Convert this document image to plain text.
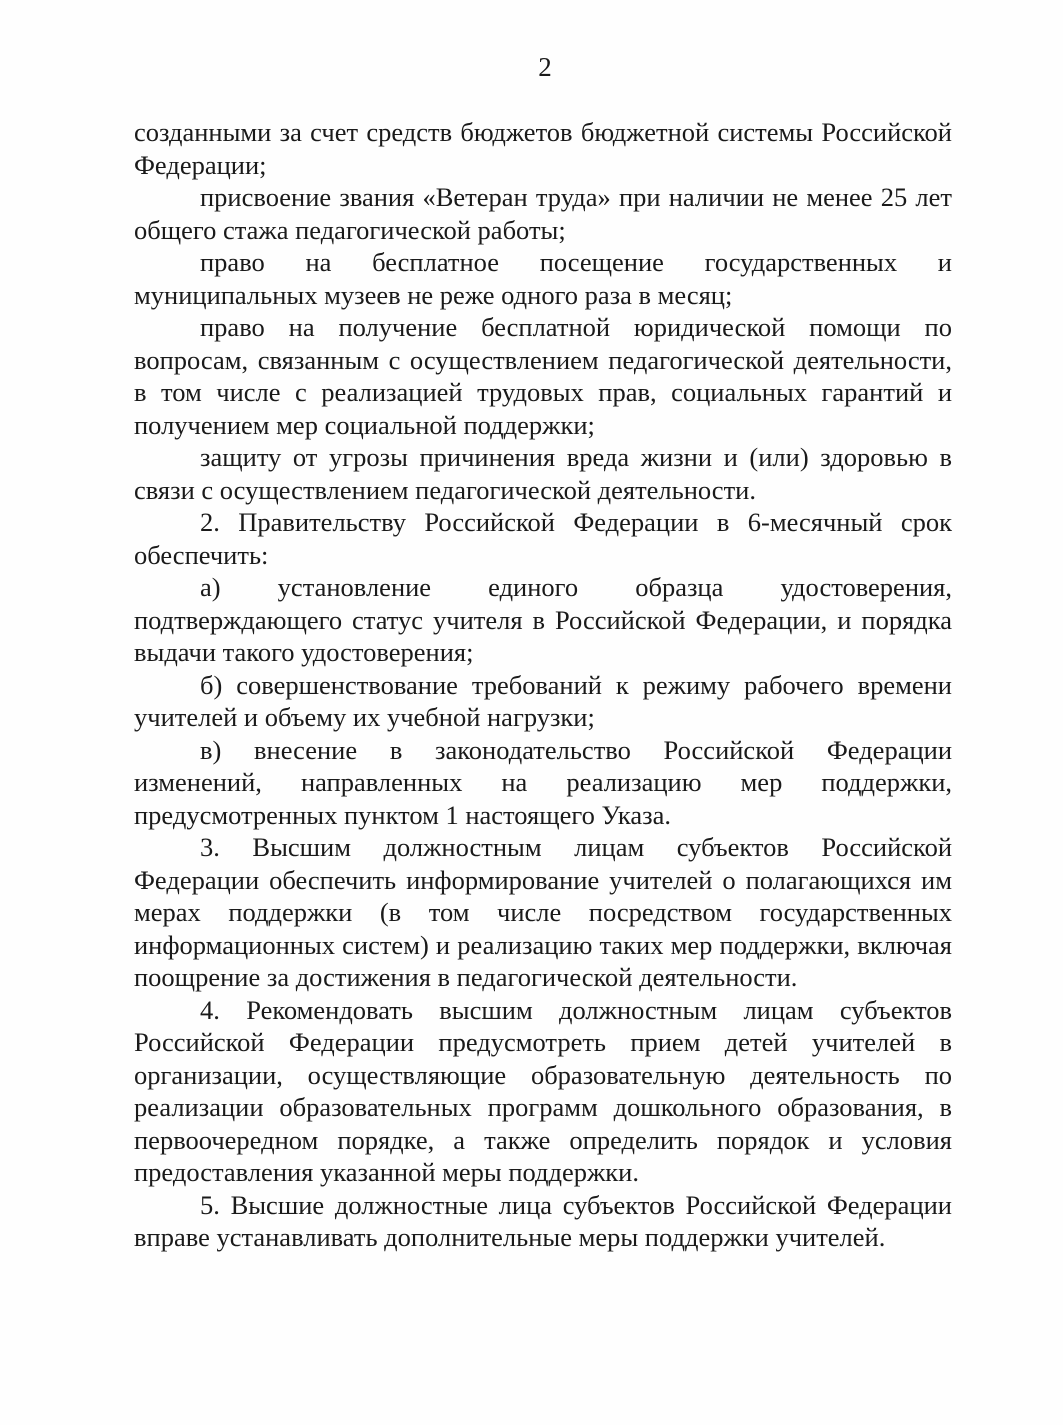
2

созданными за счет средств бюджетов бюджетной системы Российской Федерации;

присвоение звания «Ветеран труда» при наличии не менее 25 лет общего стажа педагогической работы;

право на бесплатное посещение государственных и муниципальных музеев не реже одного раза в месяц;

право на получение бесплатной юридической помощи по вопросам, связанным с осуществлением педагогической деятельности, в том числе с реализацией трудовых прав, социальных гарантий и получением мер социальной поддержки;

защиту от угрозы причинения вреда жизни и (или) здоровью в связи с осуществлением педагогической деятельности.

2. Правительству Российской Федерации в 6-месячный срок обеспечить:

а) установление единого образца удостоверения, подтверждающего статус учителя в Российской Федерации, и порядка выдачи такого удостоверения;

б) совершенствование требований к режиму рабочего времени учителей и объему их учебной нагрузки;

в) внесение в законодательство Российской Федерации изменений, направленных на реализацию мер поддержки, предусмотренных пунктом 1 настоящего Указа.

3. Высшим должностным лицам субъектов Российской Федерации обеспечить информирование учителей о полагающихся им мерах поддержки (в том числе посредством государственных информационных систем) и реализацию таких мер поддержки, включая поощрение за достижения в педагогической деятельности.

4. Рекомендовать высшим должностным лицам субъектов Российской Федерации предусмотреть прием детей учителей в организации, осуществляющие образовательную деятельность по реализации образовательных программ дошкольного образования, в первоочередном порядке, а также определить порядок и условия предоставления указанной меры поддержки.

5. Высшие должностные лица субъектов Российской Федерации вправе устанавливать дополнительные меры поддержки учителей.
